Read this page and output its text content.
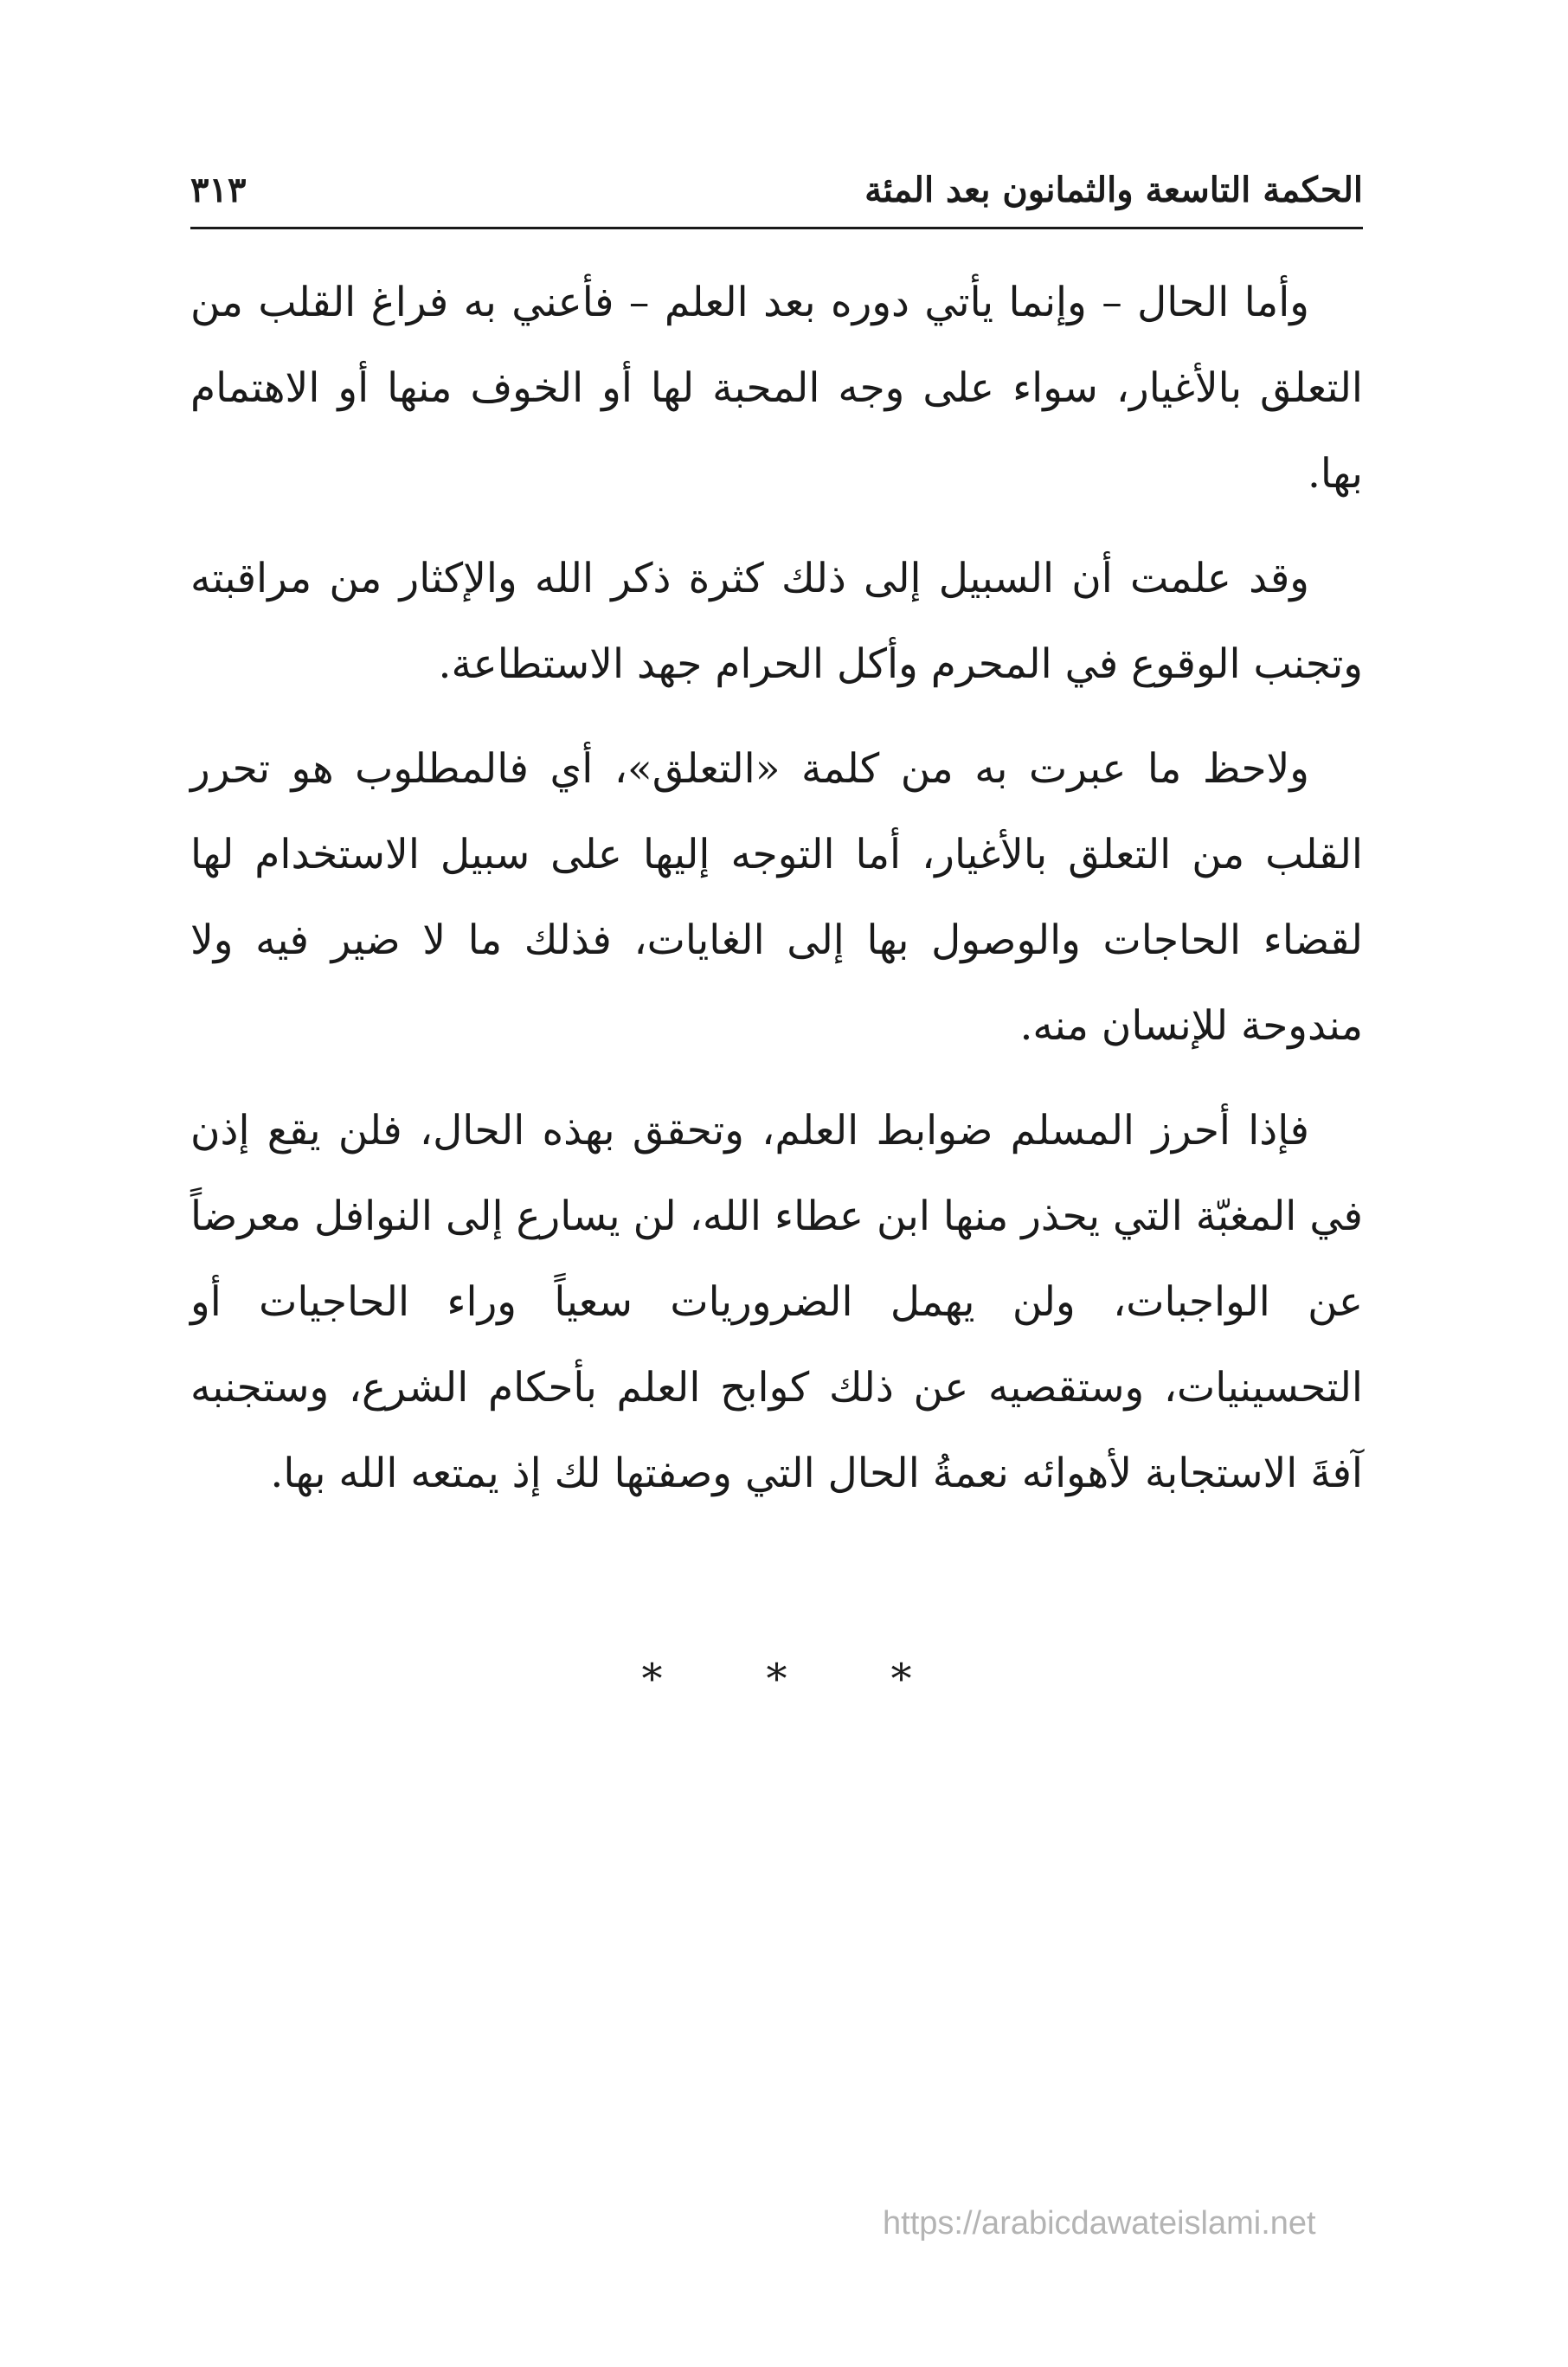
الحكمة التاسعة والثمانون بعد المئة
٣١٣

وأما الحال – وإنما يأتي دوره بعد العلم – فأعني به فراغ القلب من التعلق بالأغيار، سواء على وجه المحبة لها أو الخوف منها أو الاهتمام بها.

وقد علمت أن السبيل إلى ذلك كثرة ذكر الله والإكثار من مراقبته وتجنب الوقوع في المحرم وأكل الحرام جهد الاستطاعة.

ولاحظ ما عبرت به من كلمة «التعلق»، أي فالمطلوب هو تحرر القلب من التعلق بالأغيار، أما التوجه إليها على سبيل الاستخدام لها لقضاء الحاجات والوصول بها إلى الغايات، فذلك ما لا ضير فيه ولا مندوحة للإنسان منه.

فإذا أحرز المسلم ضوابط العلم، وتحقق بهذه الحال، فلن يقع إذن في المغبّة التي يحذر منها ابن عطاء الله، لن يسارع إلى النوافل معرضاً عن الواجبات، ولن يهمل الضروريات سعياً وراء الحاجيات أو التحسينيات، وستقصيه عن ذلك كوابح العلم بأحكام الشرع، وستجنبه آفةَ الاستجابة لأهوائه نعمةُ الحال التي وصفتها لك إذ يمتعه الله بها.

*	*	*
https://arabicdawateislami.net
